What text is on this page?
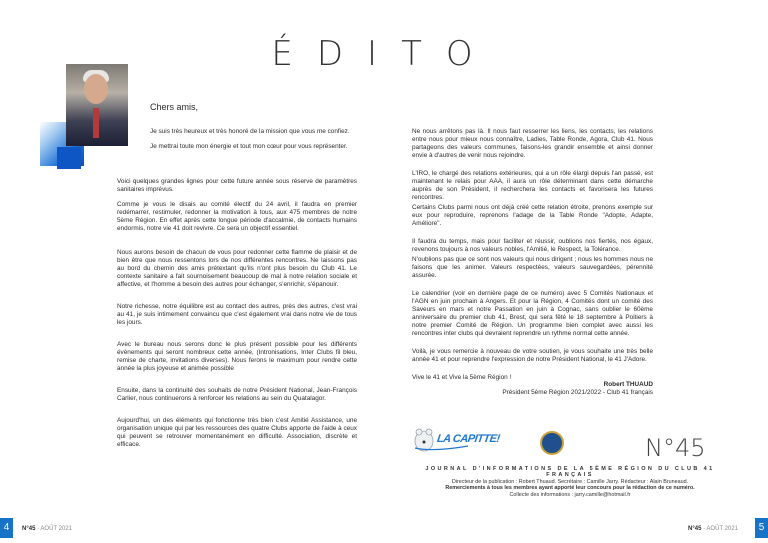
ÉDITO
Chers amis,

Je suis très heureux et très honoré de la mission que vous me confiez.

Je mettrai toute mon énergie et tout mon cœur pour vous représenter.

Voici quelques grandes lignes pour cette future année sous réserve de paramètres sanitaires imprévus.

Comme je vous le disais au comité électif du 24 avril, il faudra en premier redémarrer, restimuler, redonner la motivation à tous, aux 475 membres de notre 5ème Région. En effet après cette longue période d'accalmie, de contacts humains endormis, notre vie 41 doit revivre. Ce sera un objectif essentiel.

Nous aurons besoin de chacun de vous pour redonner cette flamme de plaisir et de bien être que nous ressentons lors de nos différentes rencontres. Ne laissons pas au bord du chemin des amis prétextant qu'ils n'ont plus besoin du Club 41. Le contexte sanitaire a fait sournoisement beaucoup de mal à notre relation sociale et affective, et l'homme a besoin des autres pour échanger, s'enrichir, s'épanouir.

Notre richesse, notre équilibre est au contact des autres, près des autres, c'est vrai au 41, je suis intimement convaincu que c'est également vrai dans notre vie de tous les jours.

Avec le bureau nous serons donc le plus présent possible pour les différents évènements qui seront nombreux cette année, (Intronisations, Inter Clubs fil bleu, remise de charte, invitations diverses). Nous ferons le maximum pour rendre cette année la plus joyeuse et animée possible

Ensuite, dans la continuité des souhaits de notre Président National, Jean-François Carlier, nous continuerons à renforcer les relations au sein du Quatalagor.

Aujourd'hui, un des éléments qui fonctionne très bien c'est Amitié Assistance, une organisation unique qui par les ressources des quatre Clubs apporte de l'aide à ceux qui peuvent se retrouver momentanément en difficulté. Association, discrète et efficace.

Ne nous arrêtons pas là. Il nous faut resserrer les liens, les contacts, les relations entre nous pour mieux nous connaître, Ladies, Table Ronde, Agora, Club 41. Nous partageons des valeurs communes, faisons-les grandir ensemble et ainsi donner envie à d'autres de venir nous rejoindre.

L'IRO, le chargé des relations extérieures, qui a un rôle élargi depuis l'an passé, est maintenant le relais pour AAA, il aura un rôle déterminant dans cette démarche auprès de son Président, il recherchera les contacts et favorisera les futures rencontres.

Certains Clubs parmi nous ont déjà créé cette relation étroite, prenons exemple sur eux pour reproduire, reprenons l'adage de la Table Ronde "Adopte, Adapte, Améliore".

Il faudra du temps, mais pour faciliter et réussir, oublions nos fiertés, nos égaux, revenons toujours à nos valeurs nobles, l'Amitié, le Respect, la Tolérance.

N'oublions pas que ce sont nos valeurs qui nous dirigent ; nous les hommes nous ne faisons que les animer. Valeurs respectées, valeurs sauvegardées, pérennité assurée.

Le calendrier (voir en dernière page de ce numéro) avec 5 Comités Nationaux et l'AGN en juin prochain à Angers. Et pour la Région, 4 Comités dont un comité des Saveurs en mars et notre Passation en juin à Cognac, sans oublier le 60ème anniversaire du premier club 41, Brest, qui sera fêté le 18 septembre à Poitiers à notre premier Comité de Région. Un programme bien complet avec aussi les rencontres inter clubs qui devraient reprendre un rythme normal cette année.

Voilà, je vous remercie à nouveau de votre soutien, je vous souhaite une très belle année 41 et pour reprendre l'expression de notre Président National, le 41 J'Adore.

Vive le 41 et Vive la 5ème Région !

Robert THUAUD
Président 5ème Région 2021/2022 - Club 41 français
LA CAPITTE!	N°45
JOURNAL D'INFORMATIONS DE LA 5ÈME RÉGION DU CLUB 41 FRANÇAIS
Directeur de la publication : Robert Thuaud. Secrétaire : Camille Jarry. Rédacteur : Alain Bruneaud.
Remerciements à tous les membres ayant apporté leur concours pour la rédaction de ce numéro.
Collecte des informations : jarry.camille@hotmail.fr
4	N°45 · AOÛT 2021	N°45 · AOÛT 2021	5
